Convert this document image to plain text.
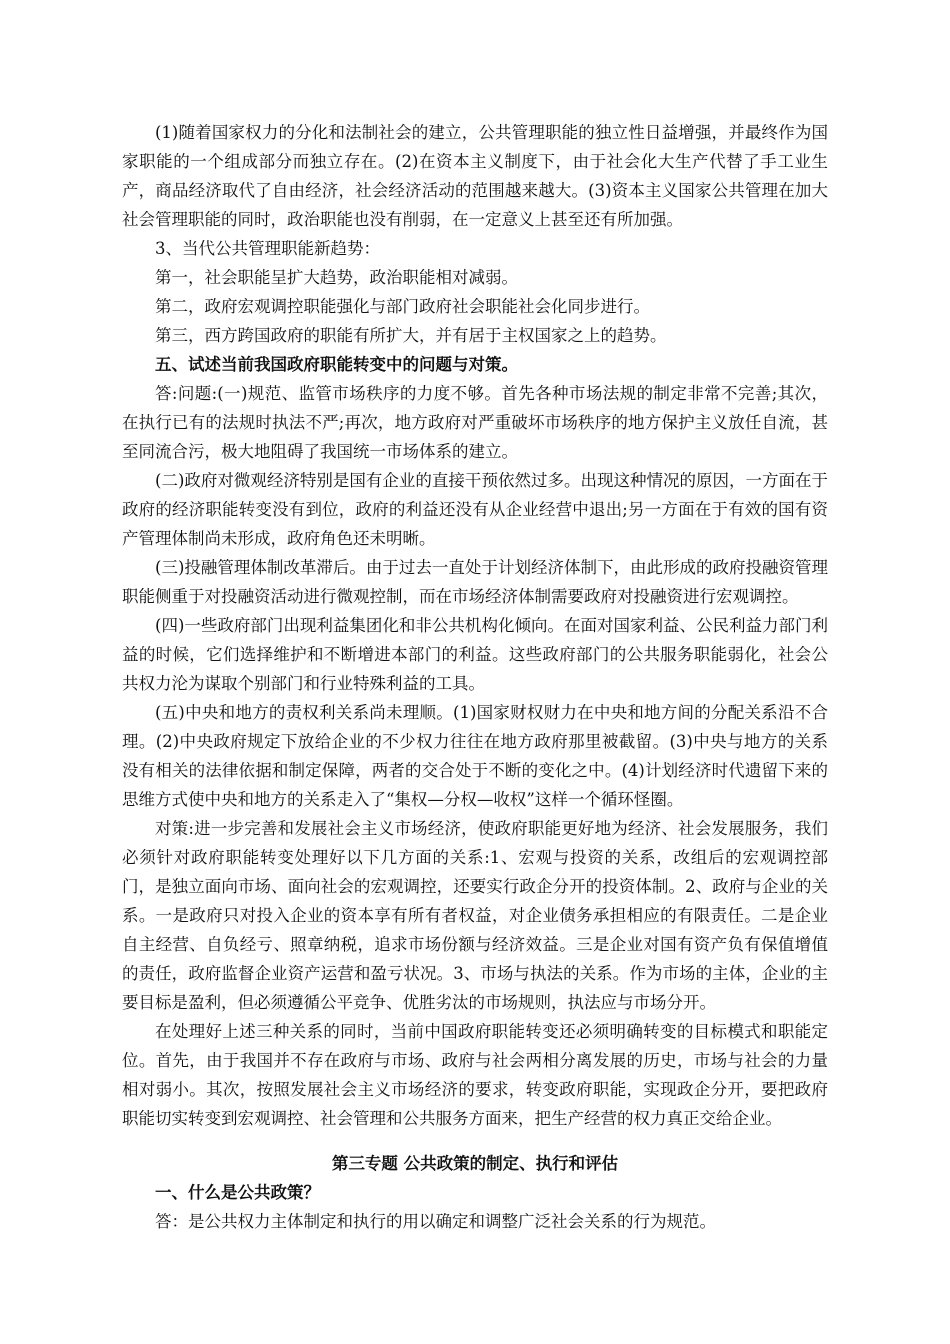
(1)随着国家权力的分化和法制社会的建立，公共管理职能的独立性日益增强，并最终作为国家职能的一个组成部分而独立存在。(2)在资本主义制度下，由于社会化大生产代替了手工业生产，商品经济取代了自由经济，社会经济活动的范围越来越大。(3)资本主义国家公共管理在加大社会管理职能的同时，政治职能也没有削弱，在一定意义上甚至还有所加强。

3、当代公共管理职能新趋势：

第一，社会职能呈扩大趋势，政治职能相对减弱。

第二，政府宏观调控职能强化与部门政府社会职能社会化同步进行。

第三，西方跨国政府的职能有所扩大，并有居于主权国家之上的趋势。

五、试述当前我国政府职能转变中的问题与对策。

答:问题:(一)规范、监管市场秩序的力度不够。首先各种市场法规的制定非常不完善;其次，在执行已有的法规时执法不严;再次，地方政府对严重破坏市场秩序的地方保护主义放任自流，甚至同流合污，极大地阻碍了我国统一市场体系的建立。

(二)政府对微观经济特别是国有企业的直接干预依然过多。出现这种情况的原因，一方面在于政府的经济职能转变没有到位，政府的利益还没有从企业经营中退出;另一方面在于有效的国有资产管理体制尚未形成，政府角色还未明晰。

(三)投融管理体制改革滞后。由于过去一直处于计划经济体制下，由此形成的政府投融资管理职能侧重于对投融资活动进行微观控制，而在市场经济体制需要政府对投融资进行宏观调控。

(四)一些政府部门出现利益集团化和非公共机构化倾向。在面对国家利益、公民利益力部门利益的时候，它们选择维护和不断增进本部门的利益。这些政府部门的公共服务职能弱化，社会公共权力沦为谋取个别部门和行业特殊利益的工具。

(五)中央和地方的责权利关系尚未理顺。(1)国家财权财力在中央和地方间的分配关系沿不合理。(2)中央政府规定下放给企业的不少权力往往在地方政府那里被截留。(3)中央与地方的关系没有相关的法律依据和制定保障，两者的交合处于不断的变化之中。(4)计划经济时代遗留下来的思维方式使中央和地方的关系走入了“集权—分权—收权”这样一个循环怪圈。

对策:进一步完善和发展社会主义市场经济，使政府职能更好地为经济、社会发展服务，我们必须针对政府职能转变处理好以下几方面的关系:1、宏观与投资的关系，改组后的宏观调控部门，是独立面向市场、面向社会的宏观调控，还要实行政企分开的投资体制。2、政府与企业的关系。一是政府只对投入企业的资本享有所有者权益，对企业债务承担相应的有限责任。二是企业自主经营、自负经亏、照章纳税，追求市场份额与经济效益。三是企业对国有资产负有保值增值的责任，政府监督企业资产运营和盈亏状况。3、市场与执法的关系。作为市场的主体，企业的主要目标是盈利，但必须遵循公平竞争、优胜劣汰的市场规则，执法应与市场分开。

在处理好上述三种关系的同时，当前中国政府职能转变还必须明确转变的目标模式和职能定位。首先，由于我国并不存在政府与市场、政府与社会两相分离发展的历史，市场与社会的力量相对弱小。其次，按照发展社会主义市场经济的要求，转变政府职能，实现政企分开，要把政府职能切实转变到宏观调控、社会管理和公共服务方面来，把生产经营的权力真正交给企业。

第三专题 公共政策的制定、执行和评估

一、什么是公共政策？

答：是公共权力主体制定和执行的用以确定和调整广泛社会关系的行为规范。
